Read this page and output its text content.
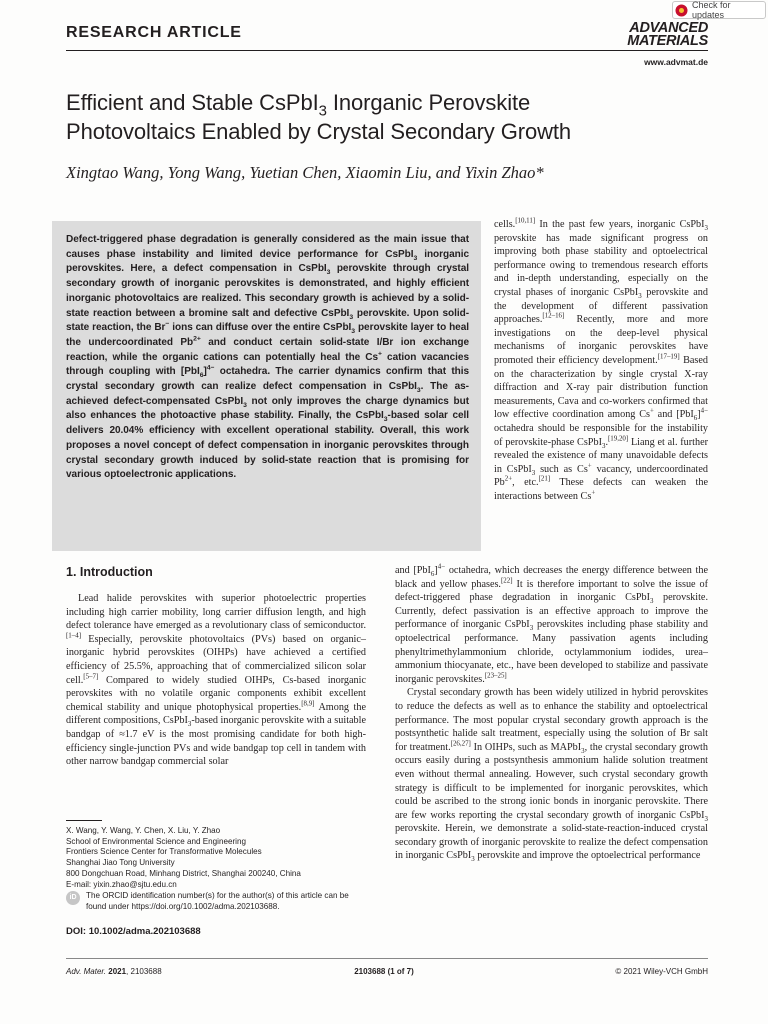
Check for updates
RESEARCH ARTICLE	ADVANCED
MATERIALS
www.advmat.de
Efficient and Stable CsPbI$_3$ Inorganic Perovskite
Photovoltaics Enabled by Crystal Secondary Growth
Xingtao Wang, Yong Wang, Yuetian Chen, Xiaomin Liu, and Yixin Zhao*

Defect-triggered phase degradation is generally considered as the main issue that causes phase instability and limited device performance for CsPbI$_3$ inorganic perovskites. Here, a defect compensation in CsPbI$_3$ perovskite through crystal secondary growth of inorganic perovskites is demonstrated, and highly efficient inorganic photovoltaics are realized. This secondary growth is achieved by a solid-state reaction between a bromine salt and defective CsPbI$_3$ perovskite. Upon solid-state reaction, the Br− ions can diffuse over the entire CsPbI$_3$ perovskite layer to heal the undercoordinated $Pb^{2+}$ and conduct certain solid-state I/Br ion exchange reaction, while the organic cations can potentially heal the Cs+ cation vacancies through coupling with $[PbI_6]^{4-}$ octahedra. The carrier dynamics confirm that this crystal secondary growth can realize defect compensation in CsPbI$_3$. The as-achieved defect-compensated CsPbI$_3$ not only improves the charge dynamics but also enhances the photoactive phase stability. Finally, the CsPbI$_3$-based solar cell delivers 20.04% efficiency with excellent operational stability. Overall, this work proposes a novel concept of defect compensation in inorganic perovskites through crystal secondary growth induced by solid-state reaction that is promising for various optoelectronic applications.

1. Introduction

Lead halide perovskites with superior photoelectric properties including high carrier mobility, long carrier diffusion length, and high defect tolerance have emerged as a revolutionary class of semiconductor.[1–4] Especially, perovskite photovoltaics (PVs) based on organic–inorganic hybrid perovskites (OIHPs) have achieved a certified efficiency of 25.5%, approaching that of commercialized silicon solar cell.[5–7] Compared to widely studied OIHPs, Cs-based inorganic perovskites with no volatile organic components exhibit excellent chemical stability and unique photophysical properties.[8,9] Among the different compositions, CsPbI$_3$-based inorganic perovskite with a suitable bandgap of ≈1.7 eV is the most promising candidate for both high-efficiency single-junction PVs and wide bandgap top cell in tandem with other narrow bandgap commercial solar

cells.[10,11] In the past few years, inorganic CsPbI$_3$ perovskite has made significant progress on improving both phase stability and optoelectrical performance owing to tremendous research efforts and in-depth understanding, especially on the crystal phases of inorganic CsPbI$_3$ perovskite and the development of different passivation approaches.[12–16] Recently, more and more investigations on the deep-level physical mechanisms of inorganic perovskites have promoted their efficiency development.[17–19] Based on the characterization by single crystal X-ray diffraction and X-ray pair distribution function measurements, Cava and co-workers confirmed that low effective coordination among Cs+ and $[PbI_6]^{4-}$ octahedra should be responsible for the instability of perovskite-phase CsPbI$_3$.[19,20] Liang et al. further revealed the existence of many unavoidable defects in CsPbI$_3$ such as Cs+ vacancy, undercoordinated $Pb^{2+}$, etc.[21] These defects can weaken the interactions between Cs+

and $[PbI_6]^{4-}$ octahedra, which decreases the energy difference between the black and yellow phases.[22] It is therefore important to solve the issue of defect-triggered phase degradation in inorganic CsPbI$_3$ perovskite. Currently, defect passivation is an effective approach to improve the performance of inorganic CsPbI$_3$ perovskites including phase stability and optoelectrical performance. Many passivation agents including phenyltrimethylammonium chloride, octylammonium iodides, urea–ammonium thiocyanate, etc., have been developed to stabilize and passivate inorganic perovskites.[23–25]

Crystal secondary growth has been widely utilized in hybrid perovskites to reduce the defects as well as to enhance the stability and optoelectrical performance. The most popular crystal secondary growth approach is the postsynthetic halide salt treatment, especially using the solution of Br salt for treatment.[26,27] In OIHPs, such as MAPbI$_3$, the crystal secondary growth occurs easily during a postsynthesis ammonium halide solution treatment even without thermal annealing. However, such crystal secondary growth strategy is difficult to be implemented for inorganic perovskites, which could be ascribed to the strong ionic bonds in inorganic perovskite. There are few works reporting the crystal secondary growth of inorganic CsPbI$_3$ perovskite. Herein, we demonstrate a solid-state-reaction-induced crystal secondary growth of inorganic perovskite to realize the defect compensation in inorganic CsPbI$_3$ perovskite and improve the optoelectrical performance

X. Wang, Y. Wang, Y. Chen, X. Liu, Y. Zhao

School of Environmental Science and Engineering

Frontiers Science Center for Transformative Molecules

Shanghai Jiao Tong University

800 Dongchuan Road, Minhang District, Shanghai 200240, China

E-mail: yixin.zhao@sjtu.edu.cn

iD	The ORCID identification number(s) for the author(s) of this article can be found under https://doi.org/10.1002/adma.202103688.
DOI: 10.1002/adma.202103688
Adv. Mater. 2021, 2103688	2103688 (1 of 7)	© 2021 Wiley-VCH GmbH
